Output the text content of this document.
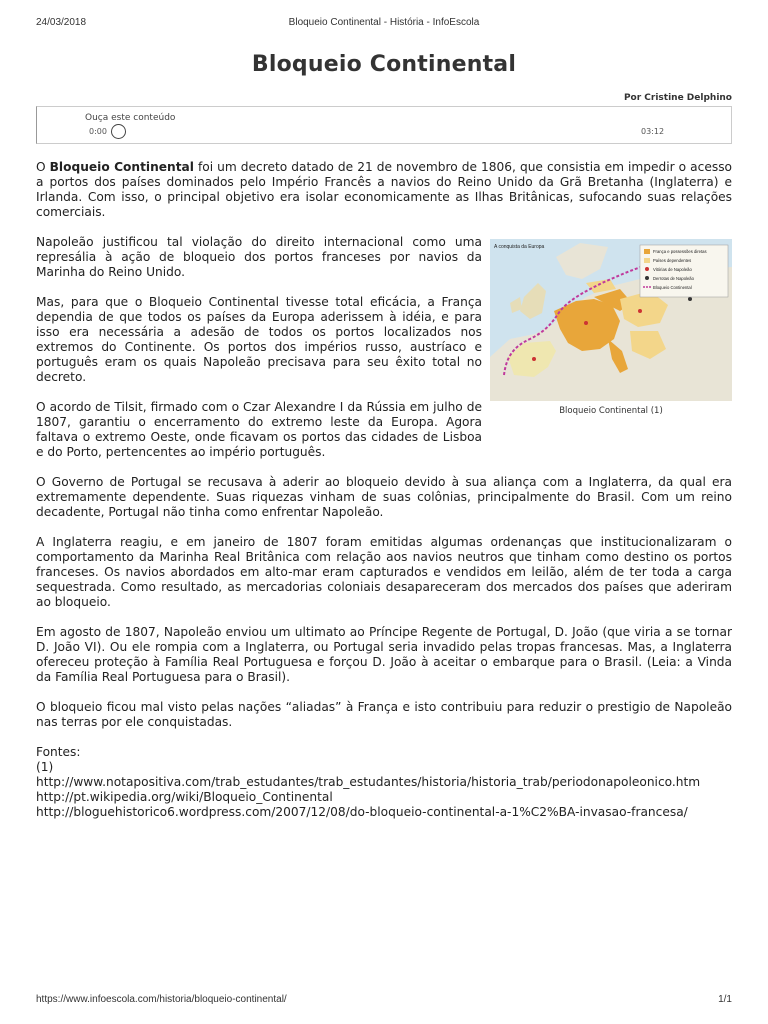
24/03/2018	Bloqueio Continental - História - InfoEscola
Bloqueio Continental
Por Cristine Delphino
Ouça este conteúdo
0:00	03:12

O Bloqueio Continental foi um decreto datado de 21 de novembro de 1806, que consistia em impedir o acesso a portos dos países dominados pelo Império Francês a navios do Reino Unido da Grã Bretanha (Inglaterra) e Irlanda. Com isso, o principal objetivo era isolar economicamente as Ilhas Britânicas, sufocando suas relações comerciais.

Napoleão justificou tal violação do direito internacional como uma represália à ação de bloqueio dos portos franceses por navios da Marinha do Reino Unido.

Mas, para que o Bloqueio Continental tivesse total eficácia, a França dependia de que todos os países da Europa aderissem à idéia, e para isso era necessária a adesão de todos os portos localizados nos extremos do Continente. Os portos dos impérios russo, austríaco e português eram os quais Napoleão precisava para seu êxito total no decreto.

O acordo de Tilsit, firmado com o Czar Alexandre I da Rússia em julho de 1807, garantiu o encerramento do extremo leste da Europa. Agora faltava o extremo Oeste, onde ficavam os portos das cidades de Lisboa e do Porto, pertencentes ao império português.

A conquista da Europa
França e possessões diretas
Países dependentes
Vitórias de Napoleão
Derrotas de Napoleão
Bloqueio Continental
Bloqueio Continental (1)

O Governo de Portugal se recusava à aderir ao bloqueio devido à sua aliança com a Inglaterra, da qual era extremamente dependente. Suas riquezas vinham de suas colônias, principalmente do Brasil. Com um reino decadente, Portugal não tinha como enfrentar Napoleão.

A Inglaterra reagiu, e em janeiro de 1807 foram emitidas algumas ordenanças que institucionalizaram o comportamento da Marinha Real Britânica com relação aos navios neutros que tinham como destino os portos franceses. Os navios abordados em alto-mar eram capturados e vendidos em leilão, além de ter toda a carga sequestrada. Como resultado, as mercadorias coloniais desapareceram dos mercados dos países que aderiram ao bloqueio.

Em agosto de 1807, Napoleão enviou um ultimato ao Príncipe Regente de Portugal, D. João (que viria a se tornar D. João VI). Ou ele rompia com a Inglaterra, ou Portugal seria invadido pelas tropas francesas. Mas, a Inglaterra ofereceu proteção à Família Real Portuguesa e forçou D. João à aceitar o embarque para o Brasil. (Leia: a Vinda da Família Real Portuguesa para o Brasil).

O bloqueio ficou mal visto pelas nações “aliadas” à França e isto contribuiu para reduzir o prestigio de Napoleão nas terras por ele conquistadas.

Fontes:

(1)

http://www.notapositiva.com/trab_estudantes/trab_estudantes/historia/historia_trab/periodonapoleonico.htm
http://pt.wikipedia.org/wiki/Bloqueio_Continental
http://bloguehistorico6.wordpress.com/2007/12/08/do-bloqueio-continental-a-1%C2%BA-invasao-francesa/
https://www.infoescola.com/historia/bloqueio-continental/	1/1
